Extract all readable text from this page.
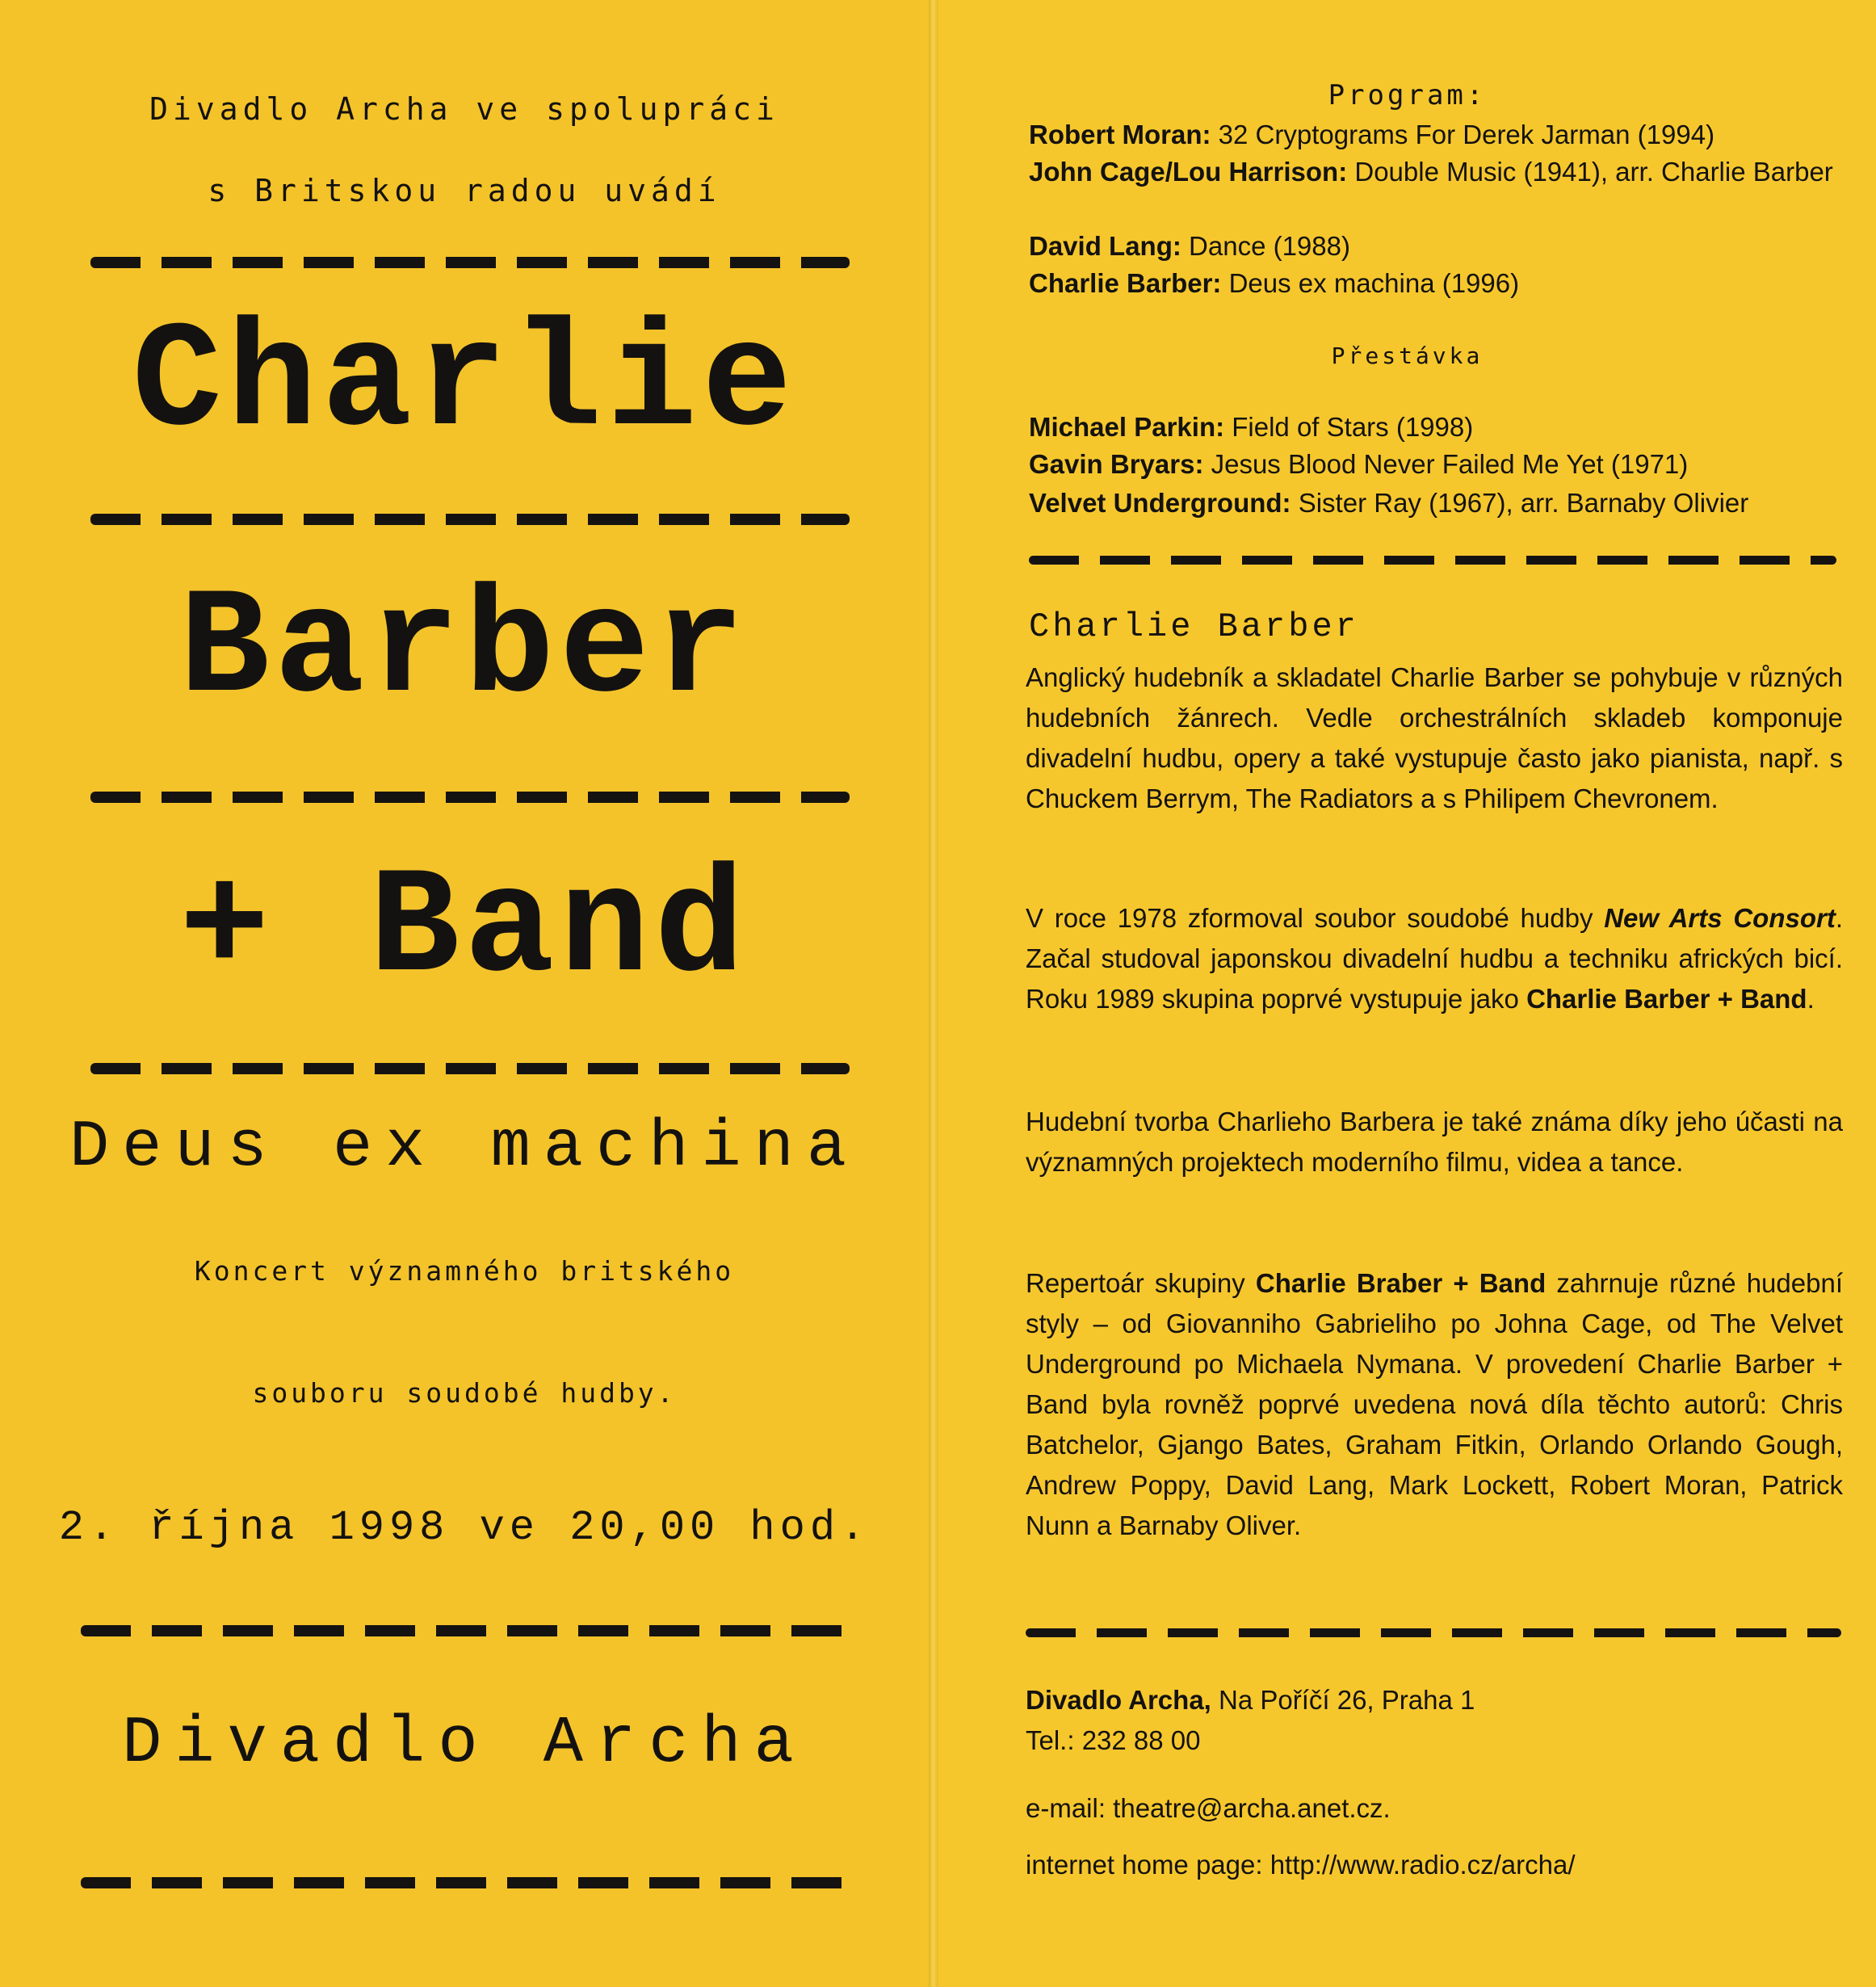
Divadlo Archa ve spolupráci
s Britskou radou uvádí
Charlie
Barber
+ Band
Deus ex machina
Koncert významného britského
souboru soudobé hudby.
2. října 1998 ve 20,00 hod.
Divadlo Archa
Program:
Robert Moran: 32 Cryptograms For Derek Jarman (1994)
John Cage/Lou Harrison: Double Music (1941), arr. Charlie Barber
David Lang: Dance (1988)
Charlie Barber: Deus ex machina (1996)
Přestávka
Michael Parkin: Field of Stars (1998)
Gavin Bryars: Jesus Blood Never Failed Me Yet (1971)
Velvet Underground: Sister Ray (1967), arr. Barnaby Olivier
Charlie Barber
Anglický hudebník a skladatel Charlie Barber se pohybuje v různých hudebních žánrech. Vedle orchestrálních skladeb komponuje divadelní hudbu, opery a také vystupuje často jako pianista, např. s Chuckem Berrym, The Radiators a s Philipem Chevronem.
V roce 1978 zformoval soubor soudobé hudby New Arts Consort. Začal studoval japonskou divadelní hudbu a techniku afrických bicí. Roku 1989 skupina poprvé vystupuje jako Charlie Barber + Band.
Hudební tvorba Charlieho Barbera je také známa díky jeho účasti na významných projektech moderního filmu, videa a tance.
Repertoár skupiny Charlie Braber + Band zahrnuje různé hudební styly – od Giovanniho Gabrieliho po Johna Cage, od The Velvet Underground po Michaela Nymana. V provedení Charlie Barber + Band byla rovněž poprvé uvedena nová díla těchto autorů: Chris Batchelor, Gjango Bates, Graham Fitkin, Orlando Orlando Gough, Andrew Poppy, David Lang, Mark Lockett, Robert Moran, Patrick Nunn a Barnaby Oliver.
Divadlo Archa, Na Poříčí 26, Praha 1
Tel.: 232 88 00
e-mail: theatre@archa.anet.cz.
internet home page: http://www.radio.cz/archa/
